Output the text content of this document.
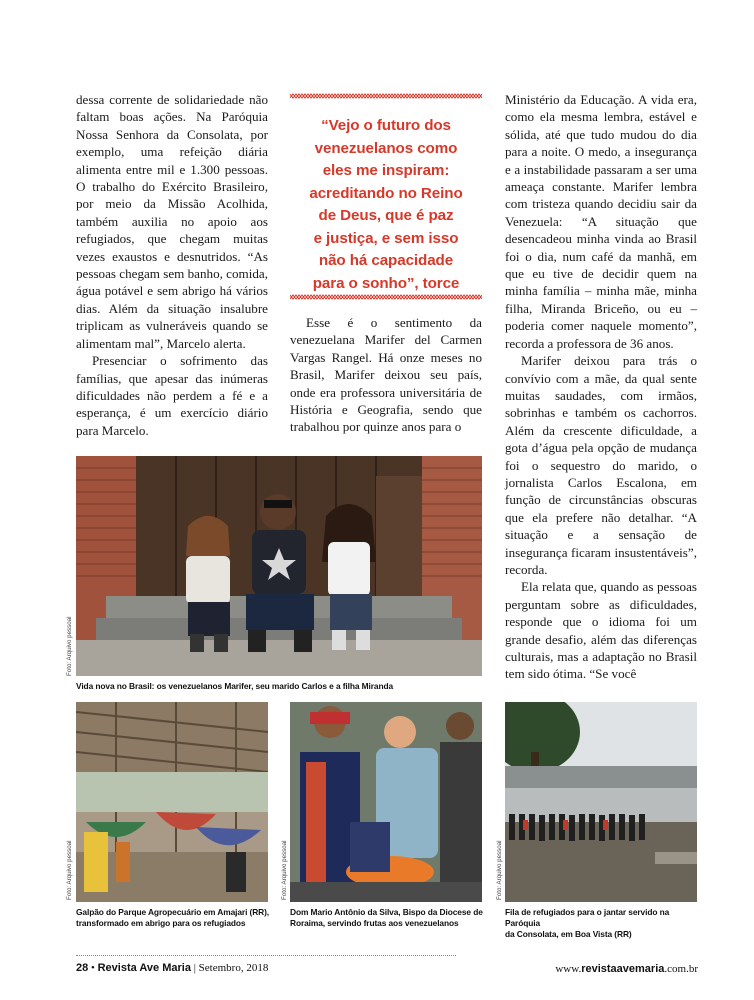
dessa corrente de solidariedade não faltam boas ações. Na Paróquia Nossa Senhora da Consolata, por exemplo, uma refeição diária alimenta entre mil e 1.300 pessoas. O trabalho do Exército Brasileiro, por meio da Missão Acolhida, também auxilia no apoio aos refugiados, que chegam muitas vezes exaustos e desnutridos. “As pessoas chegam sem banho, comida, água potável e sem abrigo há vários dias. Além da situação insalubre triplicam as vulneráveis quando se alimentam mal”, Marcelo alerta.

Presenciar o sofrimento das famílias, que apesar das inúmeras dificuldades não perdem a fé e a esperança, é um exercício diário para Marcelo.

“Vejo o futuro dos
venezuelanos como
eles me inspiram:
acreditando no Reino
de Deus, que é paz
e justiça, e sem isso
não há capacidade
para o sonho”, torce

Esse é o sentimento da venezuelana Marifer del Carmen Vargas Rangel. Há onze meses no Brasil, Marifer deixou seu país, onde era professora universitária de História e Geografia, sendo que trabalhou por quinze anos para o

Ministério da Educação. A vida era, como ela mesma lembra, estável e sólida, até que tudo mudou do dia para a noite. O medo, a insegurança e a instabilidade passaram a ser uma ameaça constante. Marifer lembra com tristeza quando decidiu sair da Venezuela: “A situação que desencadeou minha vinda ao Brasil foi o dia, num café da manhã, em que eu tive de decidir quem na minha família – minha mãe, minha filha, Miranda Briceño, ou eu – poderia comer naquele momento”, recorda a professora de 36 anos.

Marifer deixou para trás o convívio com a mãe, da qual sente muitas saudades, com irmãos, sobrinhas e também os cachorros. Além da crescente dificuldade, a gota d’água pela opção de mudança foi o sequestro do marido, o jornalista Carlos Escalona, em função de circunstâncias obscuras que ela prefere não detalhar. “A situação e a sensação de insegurança ficaram insustentáveis”, recorda.

Ela relata que, quando as pessoas perguntam sobre as dificuldades, responde que o idioma foi um grande desafio, além das diferenças culturais, mas a adaptação no Brasil tem sido ótima. “Se você

Foto: Arquivo pessoal
Vida nova no Brasil: os venezuelanos Marifer, seu marido Carlos e a filha Miranda
Foto: Arquivo pessoal
Galpão do Parque Agropecuário em Amajari (RR),
transformado em abrigo para os refugiados
Foto: Arquivo pessoal
Dom Mario Antônio da Silva, Bispo da Diocese de
Roraima, servindo frutas aos venezuelanos
Foto: Arquivo pessoal
Fila de refugiados para o jantar servido na Paróquia
da Consolata, em Boa Vista (RR)
28 • Revista Ave Maria | Setembro, 2018	www.revistaavemaria.com.br
